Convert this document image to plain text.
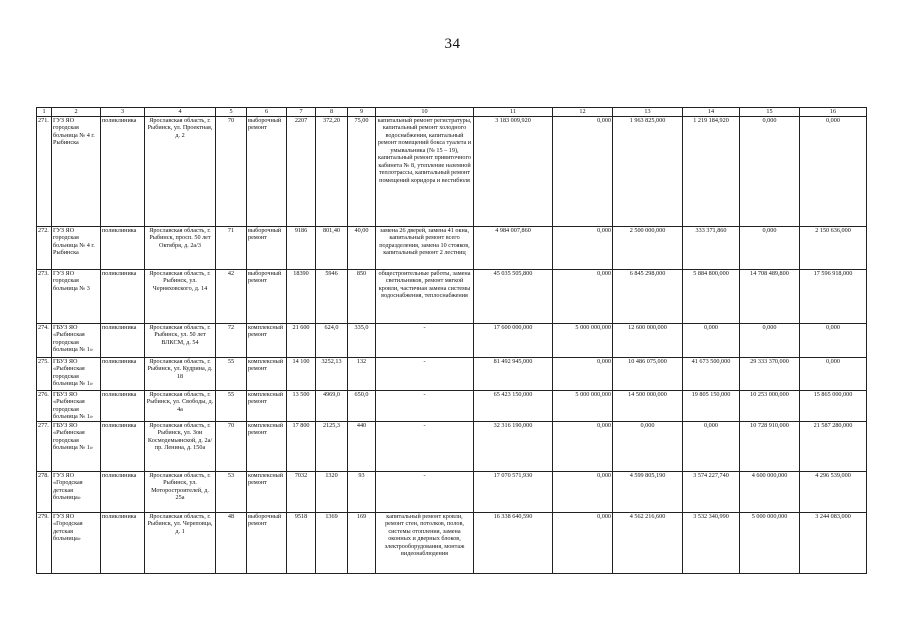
34
1	2	3	4	5	6	7	8	9	10	11	12	13	14	15	16
271.	ГУЗ ЯО городская больница № 4 г. Рыбинска	поликлиника	Ярославская область, г. Рыбинск, ул. Проектная, д. 2	70	выборочный ремонт	2207	372,20	75,00	капитальный ремонт регистратуры, капитальный ремонт холодного водоснабжения, капитальный ремонт помещений бокса туалета и умывальника (№ 15 – 19), капитальный ремонт привиточного кабинета № 8, утепление наземной теплотрассы, капитальный ремонт помещений коридора и вестибюля	3 183 009,920	0,000	1 963 825,000	1 219 184,920	0,000	0,000
272.	ГУЗ ЯО городская больница № 4 г. Рыбинска	поликлиника	Ярославская область, г. Рыбинск, просп. 50 лет Октября, д. 2а/3	71	выборочный ремонт	9186	801,40	40,00	замена 26 дверей, замена 41 окна, капитальный ремонт всего подразделения, замена 10 стояков, капитальный ремонт 2 лестниц	4 984 007,860	0,000	2 500 000,000	333 371,860	0,000	2 150 636,000
273.	ГУЗ ЯО городская больница № 3	поликлиника	Ярославская область, г. Рыбинск, ул. Черняховского, д. 14	42	выборочный ремонт	18390	5946	850	общестроительные работы, замена светильников, ремонт мягкой кровли, частичная замена системы водоснабжения, теплоснабжения	45 035 505,800	0,000	6 845 298,000	5 884 800,000	14 708 489,800	17 596 918,000
274.	ГБУЗ ЯО «Рыбинская городская больница № 1»	поликлиника	Ярославская область, г. Рыбинск, ул. 50 лет ВЛКСМ, д. 54	72	комплексный ремонт	21 600	624,0	335,0	-	17 600 000,000	5 000 000,000	12 600 000,000	0,000	0,000	0,000
275.	ГБУЗ ЯО «Рыбинская городская больница № 1»	поликлиника	Ярославская область, г. Рыбинск, ул. Кудрина, д. 18	55	комплексный ремонт	14 100	3252,13	132	-	81 492 945,000	0,000	10 486 075,000	41 673 500,000	29 333 370,000	0,000
276.	ГБУЗ ЯО «Рыбинская городская больница № 1»	поликлиника	Ярославская область, г. Рыбинск, ул. Свободы, д. 4а	55	комплексный ремонт	13 500	4969,0	650,0	-	65 423 150,000	5 000 000,000	14 500 000,000	19 805 150,000	10 253 000,000	15 865 000,000
277.	ГБУЗ ЯО «Рыбинская городская больница № 1»	поликлиника	Ярославская область, г. Рыбинск, ул. Зои Космодемьянской, д. 2а/ пр. Ленина, д. 150а	70	комплексный ремонт	17 800	2125,3	440	-	32 316 190,000	0,000	0,000	0,000	10 728 910,000	21 587 280,000
278.	ГУЗ ЯО «Городская детская больница»	поликлиника	Ярославская область, г. Рыбинск, ул. Моторостроителей, д. 25а	53	комплексный ремонт	7032	1320	93	-	17 070 571,930	0,000	4 599 805,190	3 574 227,740	4 600 000,000	4 296 539,000
279.	ГУЗ ЯО «Городская детская больница»	поликлиника	Ярославская область, г. Рыбинск, ул. Череповца, д. 1	48	выборочный ремонт	9518	1369	169	капитальный ремонт кровли, ремонт стен, потолков, полов, системы отопления, замена оконных и дверных блоков, электрооборудования, монтаж видеонаблюдения	16 338 640,590	0,000	4 562 216,600	3 532 340,990	5 000 000,000	3 244 083,000
